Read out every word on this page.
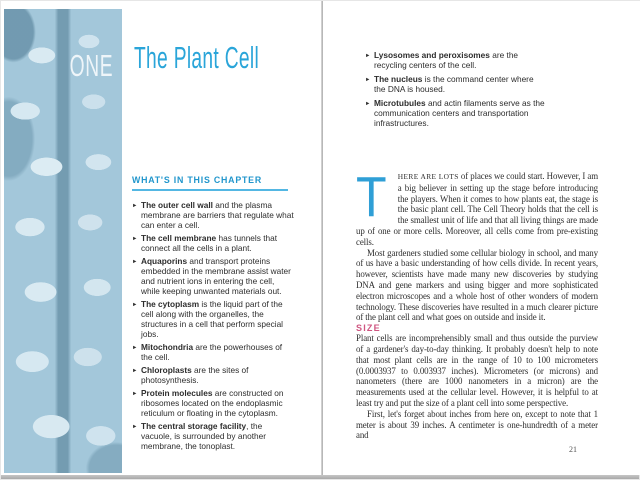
ONE The Plant Cell
WHAT'S IN THIS CHAPTER
► The outer cell wall and the plasma membrane are barriers that regulate what can enter a cell.
► The cell membrane has tunnels that connect all the cells in a plant.
► Aquaporins and transport proteins embedded in the membrane assist water and nutrient ions in entering the cell, while keeping unwanted materials out.
► The cytoplasm is the liquid part of the cell along with the organelles, the structures in a cell that perform special jobs.
► Mitochondria are the powerhouses of the cell.
► Chloroplasts are the sites of photosynthesis.
► Protein molecules are constructed on ribosomes located on the endoplasmic reticulum or floating in the cytoplasm.
► The central storage facility, the vacuole, is surrounded by another membrane, the tonoplast.
► Lysosomes and peroxisomes are the recycling centers of the cell.
► The nucleus is the command center where the DNA is housed.
► Microtubules and actin filaments serve as the communication centers and transportation infrastructures.

T HERE ARE LOTS of places we could start. However, I am a big believer in setting up the stage before introducing the players. When it comes to how plants eat, the stage is the basic plant cell. The Cell Theory holds that the cell is the smallest unit of life and that all living things are made up of one or more cells. Moreover, all cells come from pre-existing cells.

Most gardeners studied some cellular biology in school, and many of us have a basic understanding of how cells divide. In recent years, however, scientists have made many new discoveries by studying DNA and gene markers and using bigger and more sophisticated electron microscopes and a whole host of other wonders of modern technology. These discoveries have resulted in a much clearer picture of the plant cell and what goes on outside and inside it.

SIZE

Plant cells are incomprehensibly small and thus outside the purview of a gardener's day-to-day thinking. It probably doesn't help to note that most plant cells are in the range of 10 to 100 micrometers (0.0003937 to 0.003937 inches). Micrometers (or microns) and nanometers (there are 1000 nanometers in a micron) are the measurements used at the cellular level. However, it is helpful to at least try and put the size of a plant cell into some perspective.

First, let's forget about inches from here on, except to note that 1 meter is about 39 inches. A centimeter is one-hundredth of a meter and

21
